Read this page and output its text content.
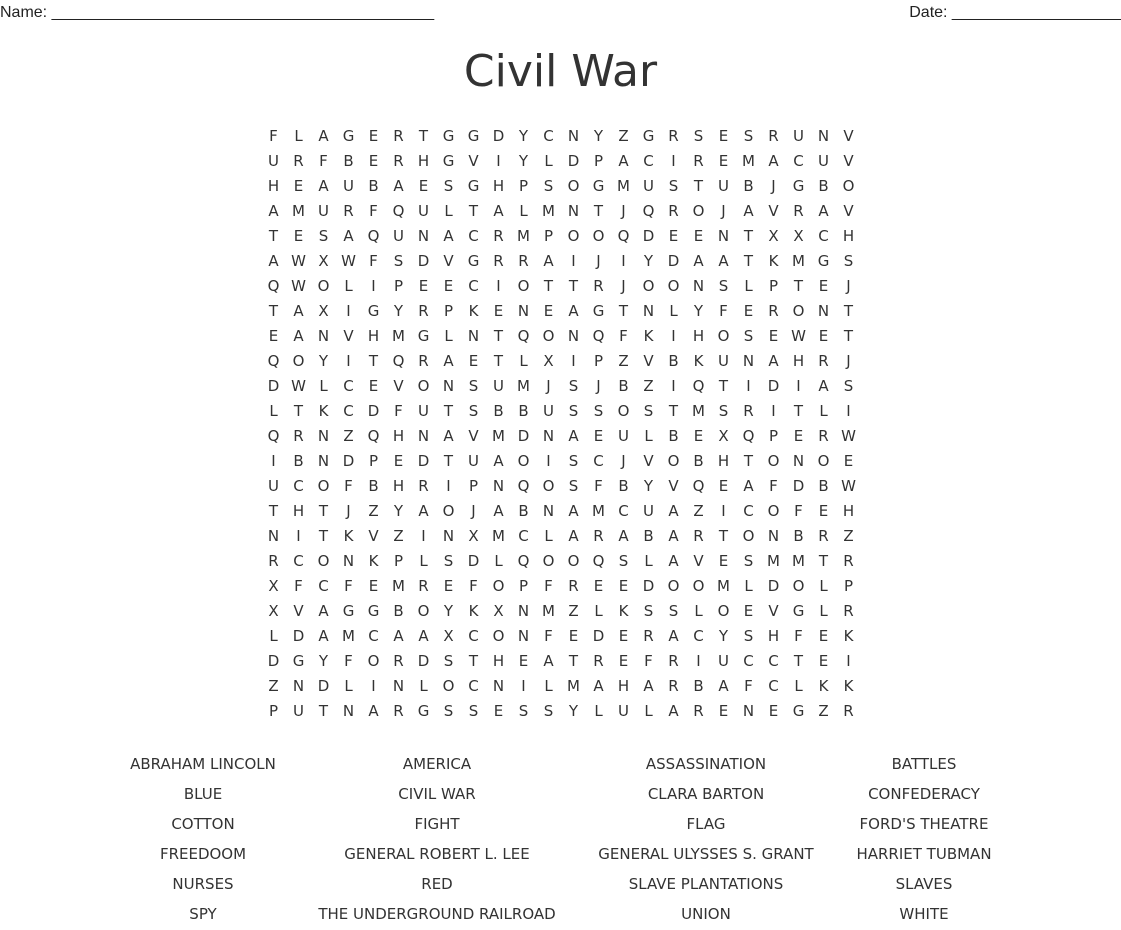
Name: ___________________________________________	Date: ___________________
Civil War
F	L	A G E	R	T G G D Y	C N Y	Z G R	S	E	S	R U N V
U R	F	B	E	R H G V	I	Y	L	D P	A C	I	R	E M A C U V
H E	A U B A	E	S G H P	S O G M U S	T U B	J	G B O
A M U R	F Q U	L	T	A	L M N T	J	Q R O	J	A V R A V
T	E	S	A Q U N A C R M P O O Q D E	E N T	X X C H
A W X W F	S D V G R R A	I	J	I	Y D A A	T	K M G S
Q W O L	I	P	E	E	C	I	O T	T	R	J	O O N S	L	P	T	E	J
T	A X	I	G Y	R	P	K	E N E	A G T N	L	Y	F	E	R O N T
E	A N V H M G	L	N T Q O N Q F	K	I	H O S	E W E	T
Q O Y	I	T Q R A	E	T	L	X	I	P	Z V B K U N A H R	J
D W L	C	E	V O N S U M	J	S	J	B Z	I	Q T	I	D	I	A	S
L	T	K C D F	U T	S	B B U S	S O S	T M S	R	I	T	L	I
Q R N Z Q H N A V M D N A	E U	L	B	E	X Q P	E	R W
I	B N D P	E D T U A O	I	S C	J	V O B H T O N O E
U C O F	B H R	I	P N Q O S	F	B	Y	V Q E	A	F D B W
T H T	J	Z	Y	A O	J	A B N A M C U A Z	I	C O F	E H
N	I	T	K V Z	I	N X M C	L	A R A B A R	T O N B R Z
R C O N K	P	L	S D	L Q O O Q S	L	A V	E	S M M T	R
X	F	C	F	E M R	E	F O P	F	R	E	E D O O M L	D O L	P
X V A G G B O Y	K X N M Z	L	K	S	S	L O E	V G	L	R
L	D A M C A A X C O N	F	E D E	R A C	Y	S H	F	E	K
D G Y	F O R D S	T H E	A	T	R	E	F	R	I	U C C	T	E	I
Z N D	L	I	N	L O C N	I	L M A H A R B A	F	C	L	K	K
P U T N A R G S	S	E	S	S	Y	L	U	L	A R	E N E G Z R
ABRAHAM LINCOLN	AMERICA	ASSASSINATION	BATTLES
BLUE	CIVIL WAR	CLARA BARTON	CONFEDERACY
COTTON	FIGHT	FLAG	FORD'S THEATRE
FREEDOOM	GENERAL ROBERT L. LEE	GENERAL ULYSSES S. GRANT	HARRIET TUBMAN
NURSES	RED	SLAVE PLANTATIONS	SLAVES
SPY	THE UNDERGROUND RAILROAD	UNION	WHITE
